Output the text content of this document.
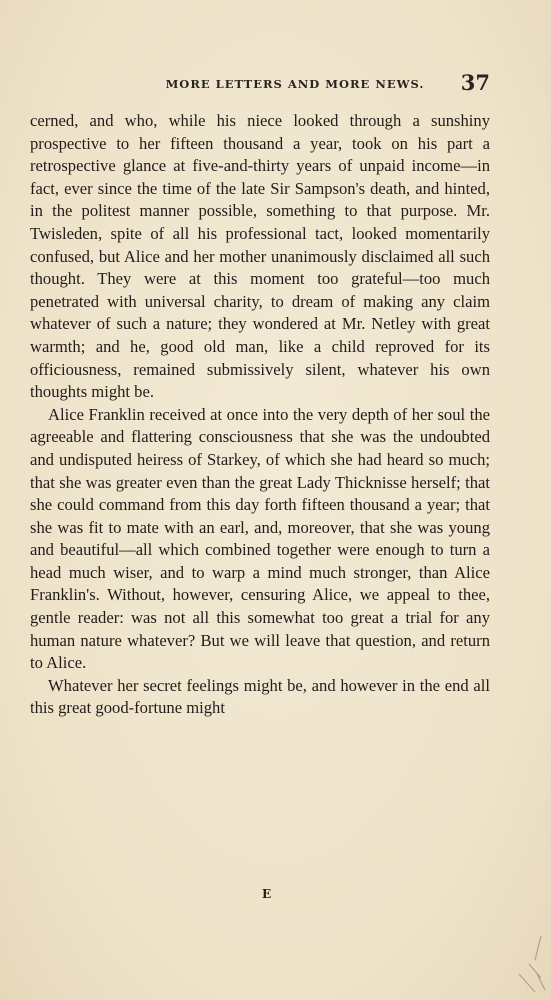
MORE LETTERS AND MORE NEWS.	37

cerned, and who, while his niece looked through a sunshiny prospective to her fifteen thousand a year, took on his part a retrospective glance at five-and-thirty years of unpaid income—in fact, ever since the time of the late Sir Sampson's death, and hinted, in the politest manner possible, something to that purpose. Mr. Twisleden, spite of all his professional tact, looked momentarily confused, but Alice and her mother unanimously disclaimed all such thought. They were at this moment too grateful—too much penetrated with universal charity, to dream of making any claim whatever of such a nature; they wondered at Mr. Netley with great warmth; and he, good old man, like a child reproved for its officiousness, remained submissively silent, whatever his own thoughts might be.

Alice Franklin received at once into the very depth of her soul the agreeable and flattering consciousness that she was the undoubted and undisputed heiress of Starkey, of which she had heard so much; that she was greater even than the great Lady Thicknisse herself; that she could command from this day forth fifteen thousand a year; that she was fit to mate with an earl, and, moreover, that she was young and beautiful—all which combined together were enough to turn a head much wiser, and to warp a mind much stronger, than Alice Franklin's. Without, however, censuring Alice, we appeal to thee, gentle reader: was not all this somewhat too great a trial for any human nature whatever? But we will leave that question, and return to Alice.

Whatever her secret feelings might be, and however in the end all this great good-fortune might

E
